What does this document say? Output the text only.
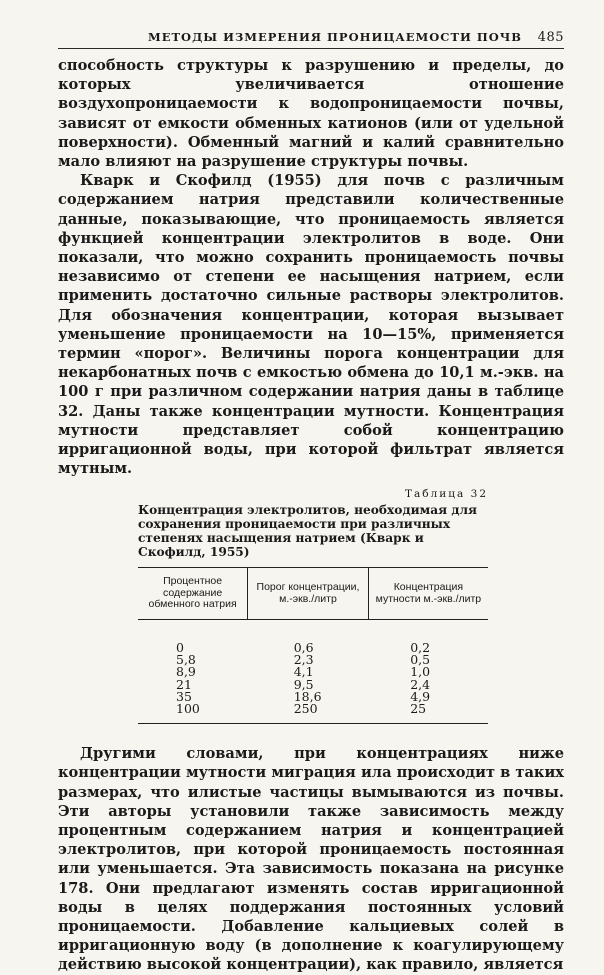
МЕТОДЫ ИЗМЕРЕНИЯ ПРОНИЦАЕМОСТИ ПОЧВ 485

способность структуры к разрушению и пределы, до которых увеличивается отношение воздухопроницаемости к водопроницаемости почвы, зависят от емкости обменных катионов (или от удельной поверхности). Обменный магний и калий сравнительно мало влияют на разрушение структуры почвы.

Кварк и Скофилд (1955) для почв с различным содержанием натрия представили количественные данные, показывающие, что проницаемость является функцией концентрации электролитов в воде. Они показали, что можно сохранить проницаемость почвы независимо от степени ее насыщения натрием, если применить достаточно сильные растворы электролитов. Для обозначения концентрации, которая вызывает уменьшение проницаемости на 10—15%, применяется термин «порог». Величины порога концентрации для некарбонатных почв с емкостью обмена до 10,1 м.-экв. на 100 г при различном содержании натрия даны в таблице 32. Даны также концентрации мутности. Концентрация мутности представляет собой концентрацию ирригационной воды, при которой фильтрат является мутным.

Таблица 32
Концентрация электролитов, необходимая для сохранения проницаемости при различных степенях насыщения натрием (Кварк и Скофилд, 1955)
Процентное содержание обменного натрия	Порог концентрации, м.-экв./литр	Концентрация мутности м.-экв./литр
0	0,6	0,2
5,8	2,3	0,5
8,9	4,1	1,0
21	9,5	2,4
35	18,6	4,9
100	250	25

Другими словами, при концентрациях ниже концентрации мутности миграция ила происходит в таких размерах, что илистые частицы вымываются из почвы. Эти авторы установили также зависимость между процентным содержанием натрия и концентрацией электролитов, при которой проницаемость постоянная или уменьшается. Эта зависимость показана на рисунке 178. Они предлагают изменять состав ирригационной воды в целях поддержания постоянных условий проницаемости. Добавление кальциевых солей в ирригационную воду (в дополнение к коагулирующему действию высокой концентрации), как правило, является
